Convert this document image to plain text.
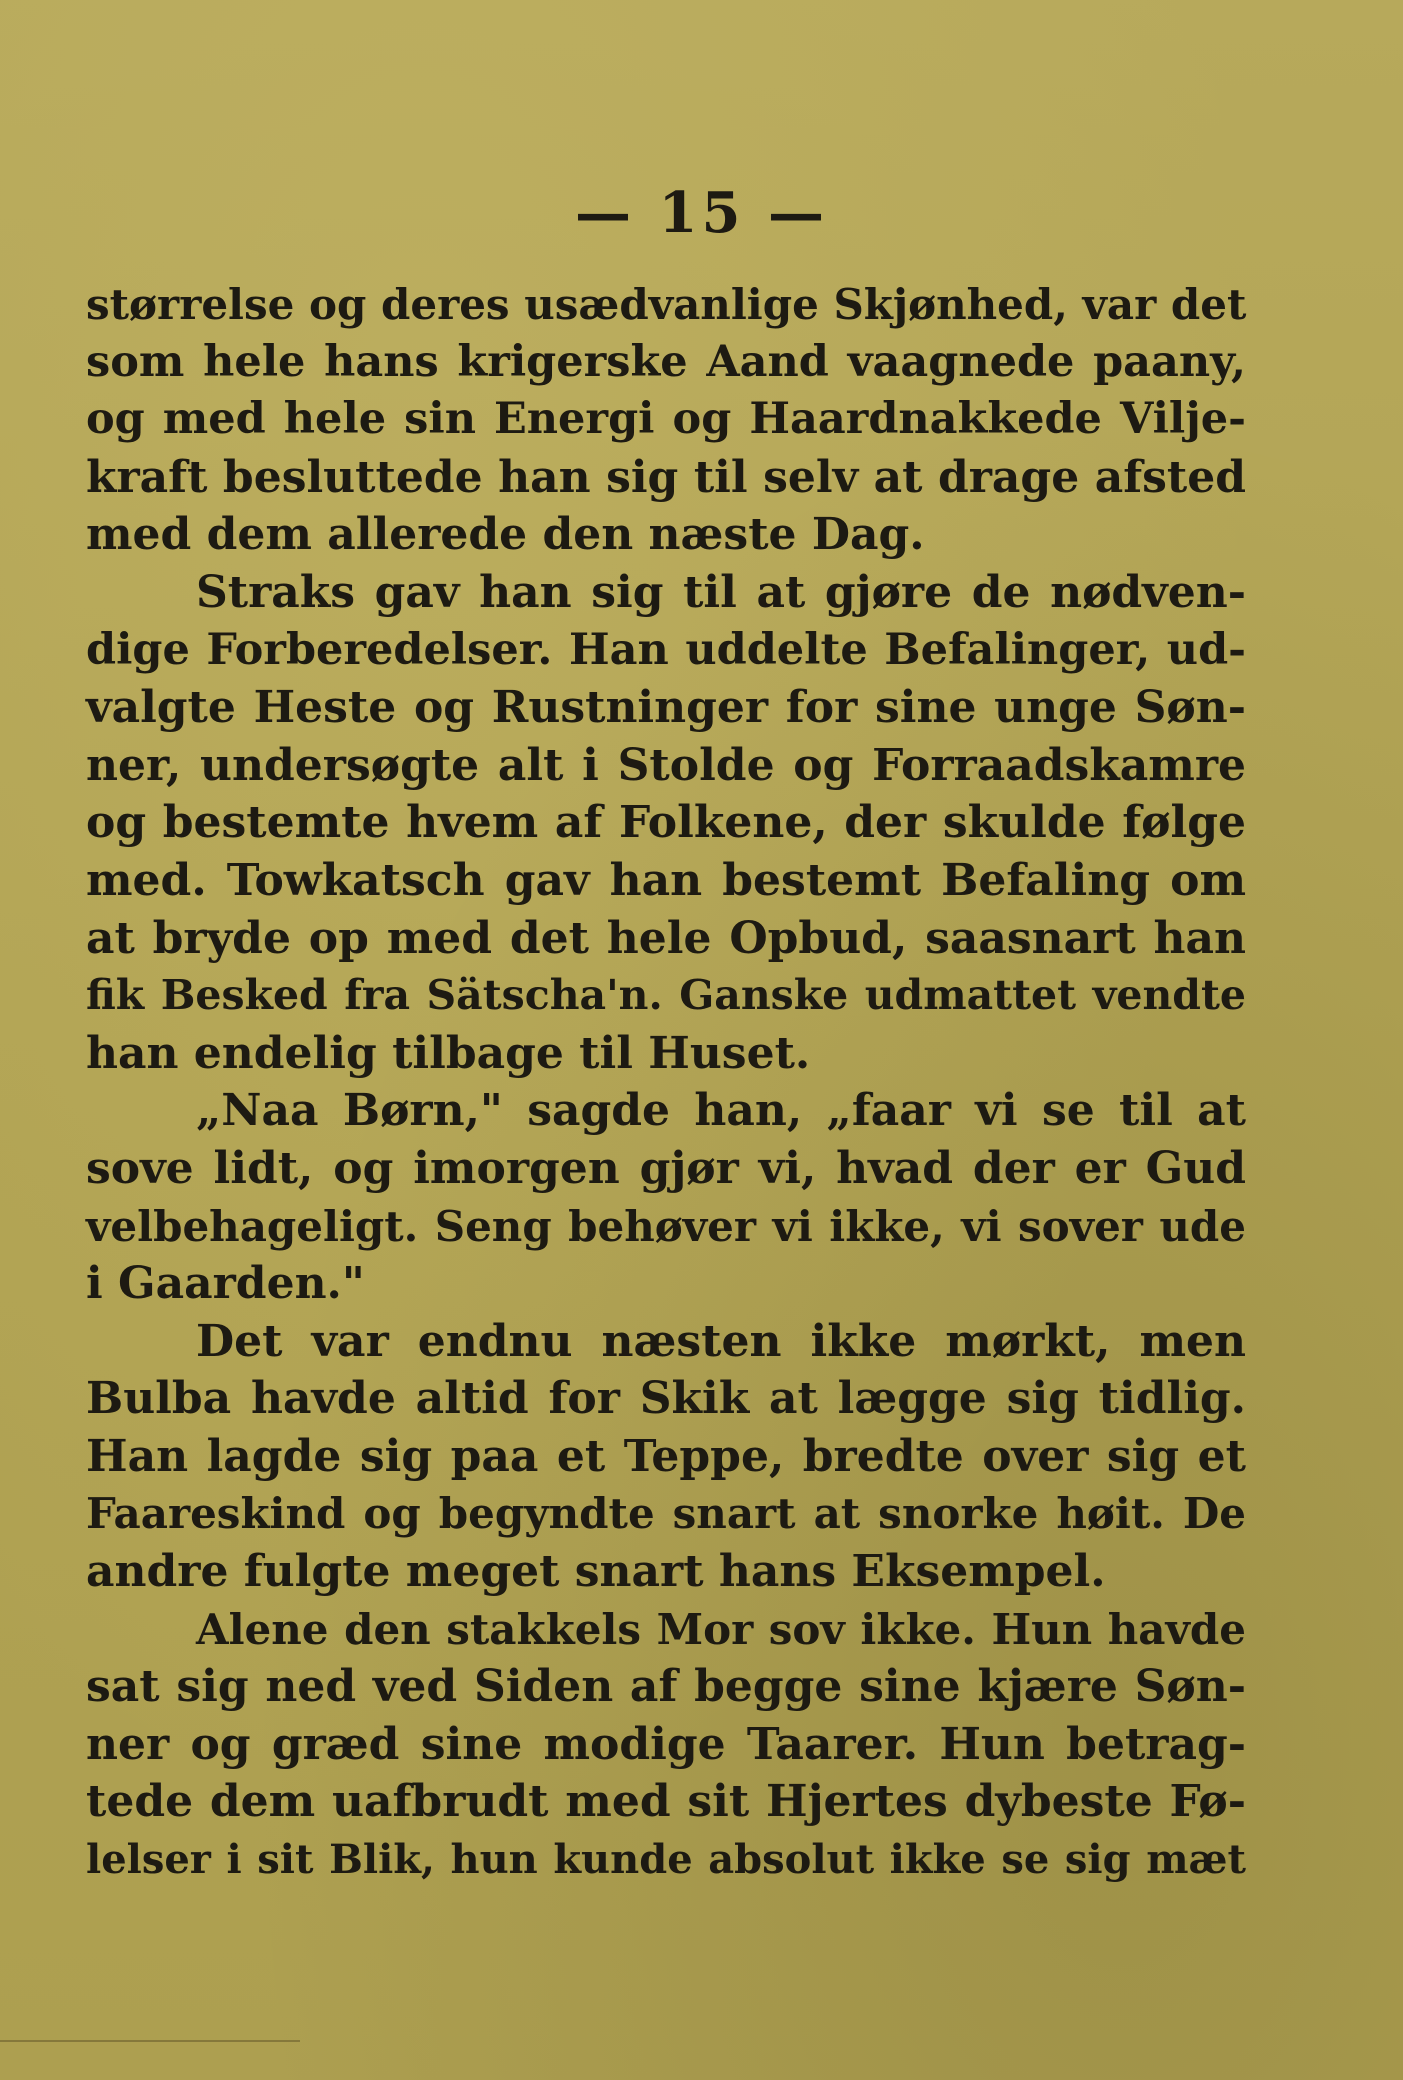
— 15 —
størrelse og deres usædvanlige Skjønhed, var det
som hele hans krigerske Aand vaagnede paany,
og med hele sin Energi og Haardnakkede Vilje-
kraft besluttede han sig til selv at drage afsted
med dem allerede den næste Dag.
Straks gav han sig til at gjøre de nødven-
dige Forberedelser. Han uddelte Befalinger, ud-
valgte Heste og Rustninger for sine unge Søn-
ner, undersøgte alt i Stolde og Forraadskamre
og bestemte hvem af Folkene, der skulde følge
med. Towkatsch gav han bestemt Befaling om
at bryde op med det hele Opbud, saasnart han
fik Besked fra Sätscha'n. Ganske udmattet vendte
han endelig tilbage til Huset.
„Naa Børn," sagde han, „faar vi se til at
sove lidt, og imorgen gjør vi, hvad der er Gud
velbehageligt. Seng behøver vi ikke, vi sover ude
i Gaarden."
Det var endnu næsten ikke mørkt, men
Bulba havde altid for Skik at lægge sig tidlig.
Han lagde sig paa et Teppe, bredte over sig et
Faareskind og begyndte snart at snorke høit. De
andre fulgte meget snart hans Eksempel.
Alene den stakkels Mor sov ikke. Hun havde
sat sig ned ved Siden af begge sine kjære Søn-
ner og græd sine modige Taarer. Hun betrag-
tede dem uafbrudt med sit Hjertes dybeste Fø-
lelser i sit Blik, hun kunde absolut ikke se sig mæt
